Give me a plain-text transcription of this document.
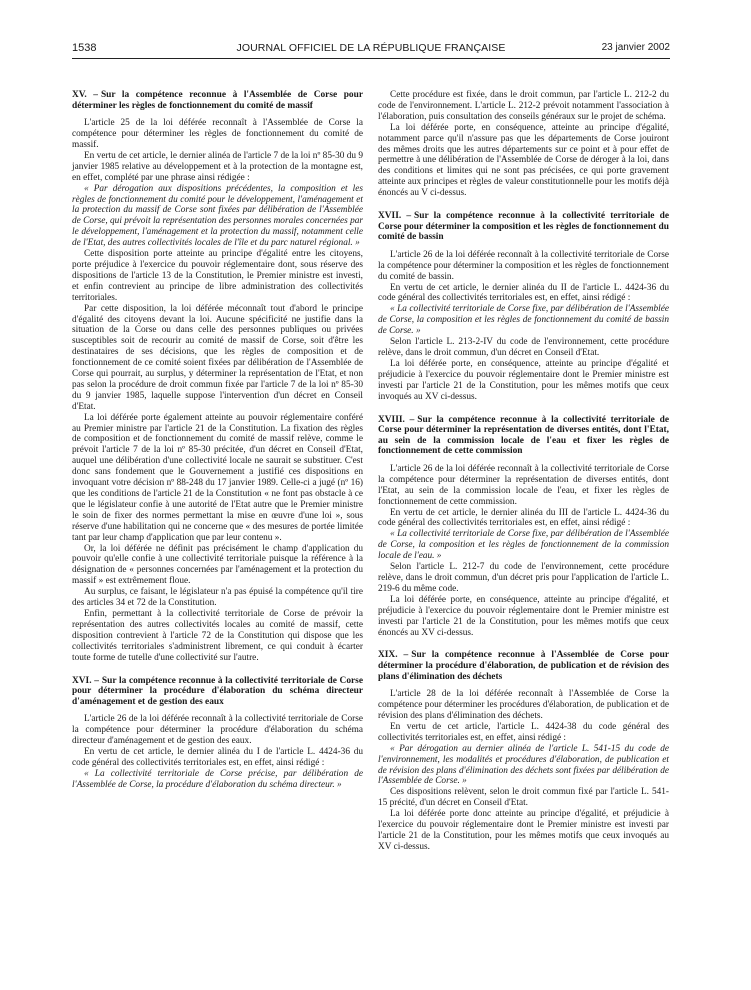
1538	JOURNAL OFFICIEL DE LA RÉPUBLIQUE FRANÇAISE	23 janvier 2002
XV. – Sur la compétence reconnue à l'Assemblée de Corse pour déterminer les règles de fonctionnement du comité de massif

L'article 25 de la loi déférée reconnaît à l'Assemblée de Corse la compétence pour déterminer les règles de fonctionnement du comité de massif.

En vertu de cet article, le dernier alinéa de l'article 7 de la loi nº 85-30 du 9 janvier 1985 relative au développement et à la protection de la montagne est, en effet, complété par une phrase ainsi rédigée :

« Par dérogation aux dispositions précédentes, la composition et les règles de fonctionnement du comité pour le développement, l'aménagement et la protection du massif de Corse sont fixées par délibération de l'Assemblée de Corse, qui prévoit la représentation des personnes morales concernées par le développement, l'aménagement et la protection du massif, notamment celle de l'Etat, des autres collectivités locales de l'île et du parc naturel régional. »

Cette disposition porte atteinte au principe d'égalité entre les citoyens, porte préjudice à l'exercice du pouvoir réglementaire dont, sous réserve des dispositions de l'article 13 de la Constitution, le Premier ministre est investi, et enfin contrevient au principe de libre administration des collectivités territoriales.

Par cette disposition, la loi déférée méconnaît tout d'abord le principe d'égalité des citoyens devant la loi. Aucune spécificité ne justifie dans la situation de la Corse ou dans celle des personnes publiques ou privées susceptibles soit de recourir au comité de massif de Corse, soit d'être les destinataires de ses décisions, que les règles de composition et de fonctionnement de ce comité soient fixées par délibération de l'Assemblée de Corse qui pourrait, au surplus, y déterminer la représentation de l'Etat, et non pas selon la procédure de droit commun fixée par l'article 7 de la loi nº 85-30 du 9 janvier 1985, laquelle suppose l'intervention d'un décret en Conseil d'Etat.

La loi déférée porte également atteinte au pouvoir réglementaire conféré au Premier ministre par l'article 21 de la Constitution. La fixation des règles de composition et de fonctionnement du comité de massif relève, comme le prévoit l'article 7 de la loi nº 85-30 précitée, d'un décret en Conseil d'Etat, auquel une délibération d'une collectivité locale ne saurait se substituer. C'est donc sans fondement que le Gouvernement a justifié ces dispositions en invoquant votre décision nº 88-248 du 17 janvier 1989. Celle-ci a jugé (nº 16) que les conditions de l'article 21 de la Constitution « ne font pas obstacle à ce que le législateur confie à une autorité de l'Etat autre que le Premier ministre le soin de fixer des normes permettant la mise en œuvre d'une loi », sous réserve d'une habilitation qui ne concerne que « des mesures de portée limitée tant par leur champ d'application que par leur contenu ».

Or, la loi déférée ne définit pas précisément le champ d'application du pouvoir qu'elle confie à une collectivité territoriale puisque la référence à la désignation de « personnes concernées par l'aménagement et la protection du massif » est extrêmement floue.

Au surplus, ce faisant, le législateur n'a pas épuisé la compétence qu'il tire des articles 34 et 72 de la Constitution.

Enfin, permettant à la collectivité territoriale de Corse de prévoir la représentation des autres collectivités locales au comité de massif, cette disposition contrevient à l'article 72 de la Constitution qui dispose que les collectivités territoriales s'administrent librement, ce qui conduit à écarter toute forme de tutelle d'une collectivité sur l'autre.

XVI. – Sur la compétence reconnue à la collectivité territoriale de Corse pour déterminer la procédure d'élaboration du schéma directeur d'aménagement et de gestion des eaux

L'article 26 de la loi déférée reconnaît à la collectivité territoriale de Corse la compétence pour déterminer la procédure d'élaboration du schéma directeur d'aménagement et de gestion des eaux.

En vertu de cet article, le dernier alinéa du I de l'article L. 4424-36 du code général des collectivités territoriales est, en effet, ainsi rédigé :

« La collectivité territoriale de Corse précise, par délibération de l'Assemblée de Corse, la procédure d'élaboration du schéma directeur. »

Cette procédure est fixée, dans le droit commun, par l'article L. 212-2 du code de l'environnement. L'article L. 212-2 prévoit notamment l'association à l'élaboration, puis consultation des conseils généraux sur le projet de schéma.

La loi déférée porte, en conséquence, atteinte au principe d'égalité, notamment parce qu'il n'assure pas que les départements de Corse jouiront des mêmes droits que les autres départements sur ce point et à pour effet de permettre à une délibération de l'Assemblée de Corse de déroger à la loi, dans des conditions et limites qui ne sont pas précisées, ce qui porte gravement atteinte aux principes et règles de valeur constitutionnelle pour les motifs déjà énoncés au V ci-dessus.

XVII. – Sur la compétence reconnue à la collectivité territoriale de Corse pour déterminer la composition et les règles de fonctionnement du comité de bassin

L'article 26 de la loi déférée reconnaît à la collectivité territoriale de Corse la compétence pour déterminer la composition et les règles de fonctionnement du comité de bassin.

En vertu de cet article, le dernier alinéa du II de l'article L. 4424-36 du code général des collectivités territoriales est, en effet, ainsi rédigé :

« La collectivité territoriale de Corse fixe, par délibération de l'Assemblée de Corse, la composition et les règles de fonctionnement du comité de bassin de Corse. »

Selon l'article L. 213-2-IV du code de l'environnement, cette procédure relève, dans le droit commun, d'un décret en Conseil d'Etat.

La loi déférée porte, en conséquence, atteinte au principe d'égalité et préjudicie à l'exercice du pouvoir réglementaire dont le Premier ministre est investi par l'article 21 de la Constitution, pour les mêmes motifs que ceux invoqués au XV ci-dessus.

XVIII. – Sur la compétence reconnue à la collectivité territoriale de Corse pour déterminer la représentation de diverses entités, dont l'Etat, au sein de la commission locale de l'eau et fixer les règles de fonctionnement de cette commission

L'article 26 de la loi déférée reconnaît à la collectivité territoriale de Corse la compétence pour déterminer la représentation de diverses entités, dont l'Etat, au sein de la commission locale de l'eau, et fixer les règles de fonctionnement de cette commission.

En vertu de cet article, le dernier alinéa du III de l'article L. 4424-36 du code général des collectivités territoriales est, en effet, ainsi rédigé :

« La collectivité territoriale de Corse fixe, par délibération de l'Assemblée de Corse, la composition et les règles de fonctionnement de la commission locale de l'eau. »

Selon l'article L. 212-7 du code de l'environnement, cette procédure relève, dans le droit commun, d'un décret pris pour l'application de l'article L. 219-6 du même code.

La loi déférée porte, en conséquence, atteinte au principe d'égalité, et préjudicie à l'exercice du pouvoir réglementaire dont le Premier ministre est investi par l'article 21 de la Constitution, pour les mêmes motifs que ceux énoncés au XV ci-dessus.

XIX. – Sur la compétence reconnue à l'Assemblée de Corse pour déterminer la procédure d'élaboration, de publication et de révision des plans d'élimination des déchets

L'article 28 de la loi déférée reconnaît à l'Assemblée de Corse la compétence pour déterminer les procédures d'élaboration, de publication et de révision des plans d'élimination des déchets.

En vertu de cet article, l'article L. 4424-38 du code général des collectivités territoriales est, en effet, ainsi rédigé :

« Par dérogation au dernier alinéa de l'article L. 541-15 du code de l'environnement, les modalités et procédures d'élaboration, de publication et de révision des plans d'élimination des déchets sont fixées par délibération de l'Assemblée de Corse. »

Ces dispositions relèvent, selon le droit commun fixé par l'article L. 541-15 précité, d'un décret en Conseil d'Etat.

La loi déférée porte donc atteinte au principe d'égalité, et préjudicie à l'exercice du pouvoir réglementaire dont le Premier ministre est investi par l'article 21 de la Constitution, pour les mêmes motifs que ceux invoqués au XV ci-dessus.
